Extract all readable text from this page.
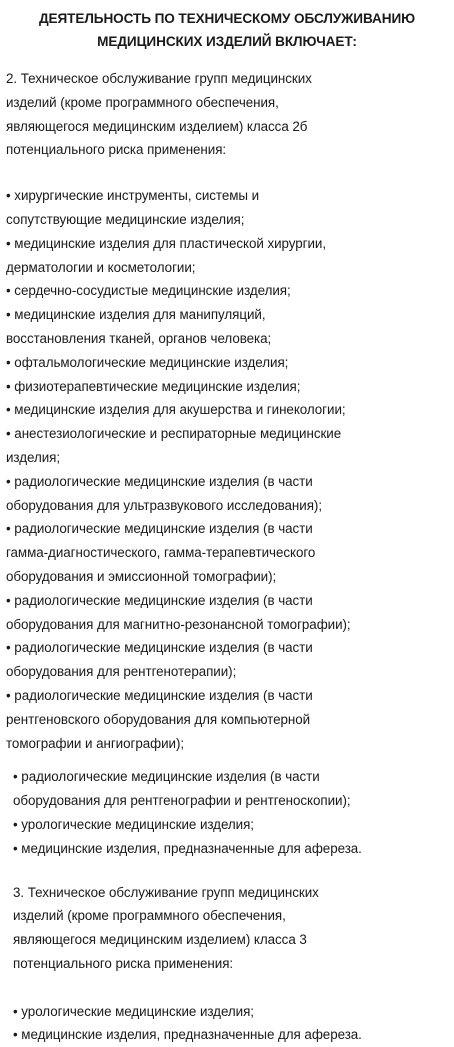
ДЕЯТЕЛЬНОСТЬ ПО ТЕХНИЧЕСКОМУ ОБСЛУЖИВАНИЮ
МЕДИЦИНСКИХ ИЗДЕЛИЙ ВКЛЮЧАЕТ:

2. Техническое обслуживание групп медицинских

изделий (кроме программного обеспечения,

являющегося медицинским изделием) класса 2б

потенциального риска применения:

• хирургические инструменты, системы и
сопутствующие медицинские изделия;
• медицинские изделия для пластической хирургии,
дерматологии и косметологии;
• сердечно-сосудистые медицинские изделия;
• медицинские изделия для манипуляций,
восстановления тканей, органов человека;
• офтальмологические медицинские изделия;
• физиотерапевтические медицинские изделия;
• медицинские изделия для акушерства и гинекологии;
• анестезиологические и респираторные медицинские
изделия;
• радиологические медицинские изделия (в части
оборудования для ультразвукового исследования);
• радиологические медицинские изделия (в части
гамма-диагностического, гамма-терапевтического
оборудования и эмиссионной томографии);
• радиологические медицинские изделия (в части
оборудования для магнитно-резонансной томографии);
• радиологические медицинские изделия (в части
оборудования для рентгенотерапии);
• радиологические медицинские изделия (в части
рентгеновского оборудования для компьютерной
томографии и ангиографии);
• радиологические медицинские изделия (в части
оборудования для рентгенографии и рентгеноскопии);
• урологические медицинские изделия;
• медицинские изделия, предназначенные для афереза.

3. Техническое обслуживание групп медицинских

изделий (кроме программного обеспечения,

являющегося медицинским изделием) класса 3

потенциального риска применения:

• урологические медицинские изделия;
• медицинские изделия, предназначенные для афереза.
